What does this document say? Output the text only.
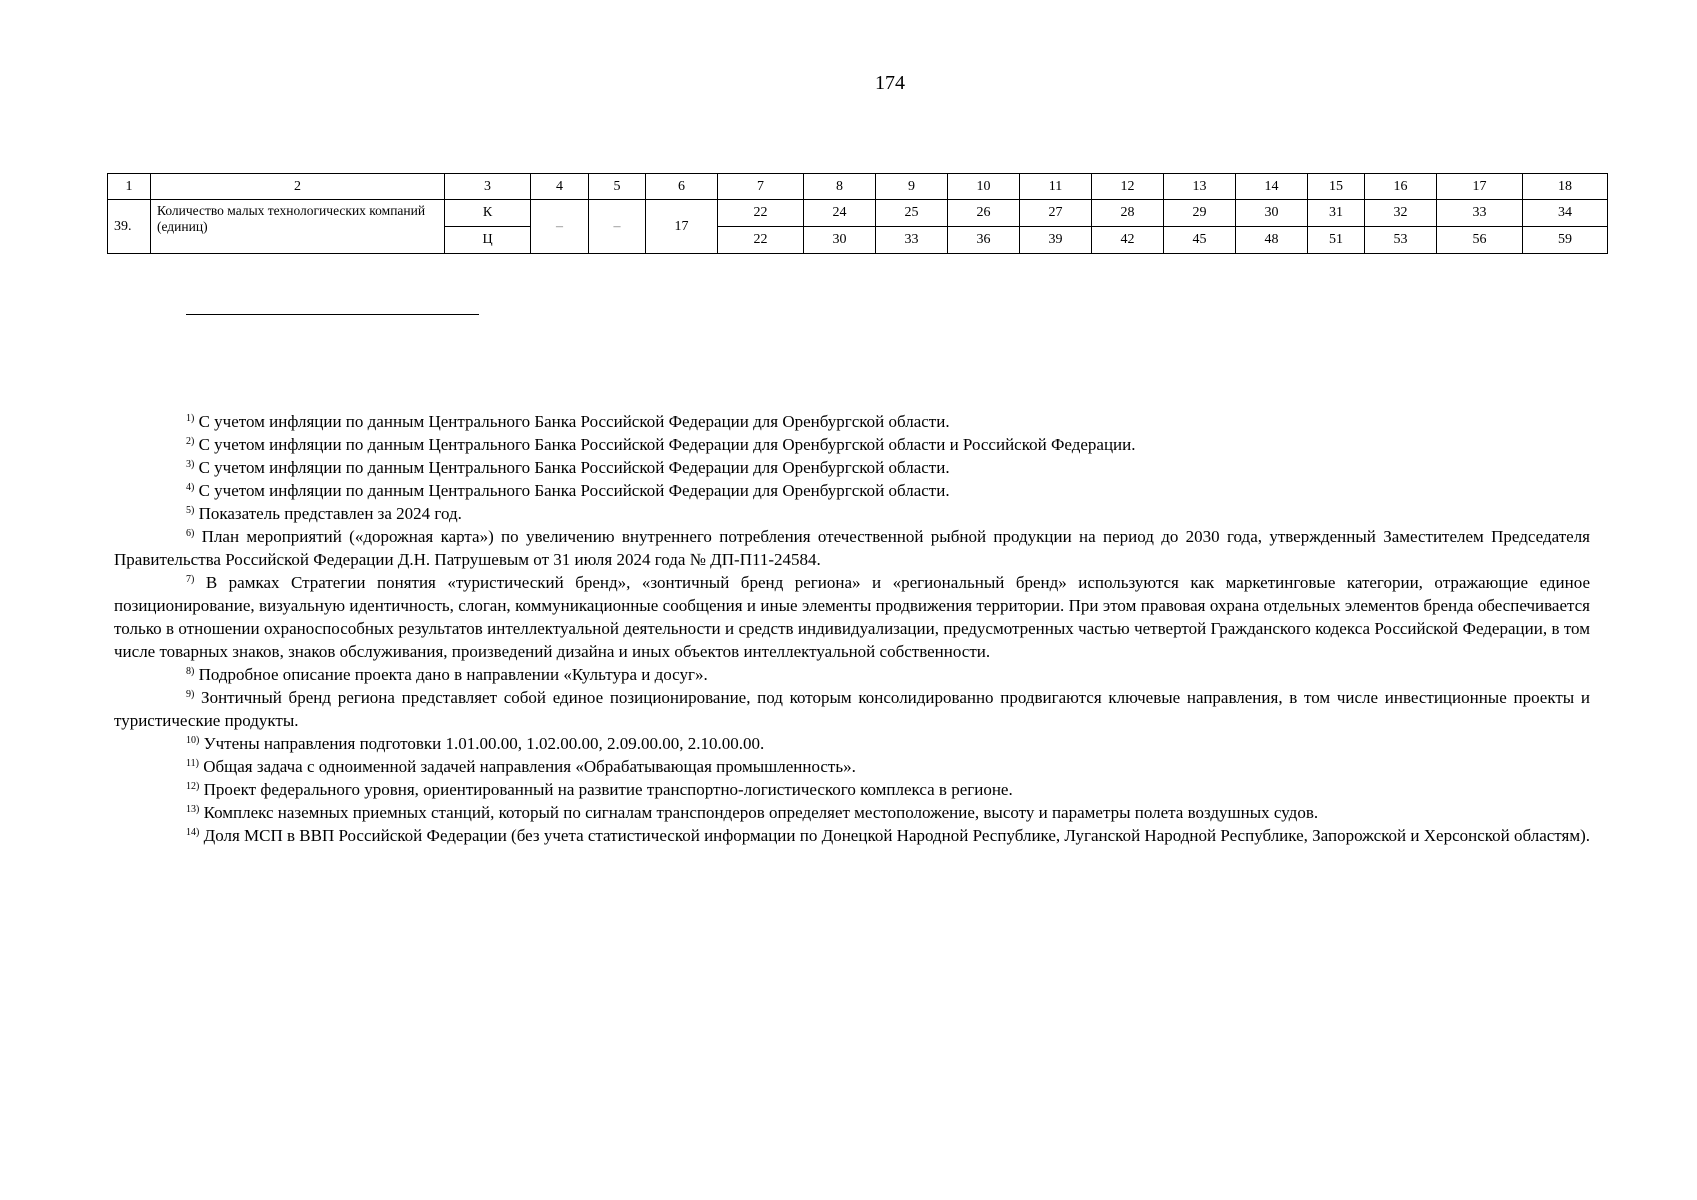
174
1	2	3	4	5	6	7	8	9	10	11	12	13	14	15	16	17	18
39.	Количество малых технологических компаний (единиц)	К	–	–	17	22	24	25	26	27	28	29	30	31	32	33	34
		Ц				22	30	33	36	39	42	45	48	51	53	56	59

$^{1)}$ С учетом инфляции по данным Центрального Банка Российской Федерации для Оренбургской области.

$^{2)}$ С учетом инфляции по данным Центрального Банка Российской Федерации для Оренбургской области и Российской Федерации.

$^{3)}$ С учетом инфляции по данным Центрального Банка Российской Федерации для Оренбургской области.

$^{4)}$ С учетом инфляции по данным Центрального Банка Российской Федерации для Оренбургской области.

$^{5)}$ Показатель представлен за 2024 год.

$^{6)}$ План мероприятий («дорожная карта») по увеличению внутреннего потребления отечественной рыбной продукции на период до 2030 года, утвержденный Заместителем Председателя Правительства Российской Федерации Д.Н. Патрушевым от 31 июля 2024 года № ДП-П11-24584.

$^{7)}$ В рамках Стратегии понятия «туристический бренд», «зонтичный бренд региона» и «региональный бренд» используются как маркетинговые категории, отражающие единое позиционирование, визуальную идентичность, слоган, коммуникационные сообщения и иные элементы продвижения территории. При этом правовая охрана отдельных элементов бренда обеспечивается только в отношении охраноспособных результатов интеллектуальной деятельности и средств индивидуализации, предусмотренных частью четвертой Гражданского кодекса Российской Федерации, в том числе товарных знаков, знаков обслуживания, произведений дизайна и иных объектов интеллектуальной собственности.

$^{8)}$ Подробное описание проекта дано в направлении «Культура и досуг».

$^{9)}$ Зонтичный бренд региона представляет собой единое позиционирование, под которым консолидированно продвигаются ключевые направления, в том числе инвестиционные проекты и туристические продукты.

$^{10)}$ Учтены направления подготовки 1.01.00.00, 1.02.00.00, 2.09.00.00, 2.10.00.00.

$^{11)}$ Общая задача с одноименной задачей направления «Обрабатывающая промышленность».

$^{12)}$ Проект федерального уровня, ориентированный на развитие транспортно-логистического комплекса в регионе.

$^{13)}$ Комплекс наземных приемных станций, который по сигналам транспондеров определяет местоположение, высоту и параметры полета воздушных судов.

$^{14)}$ Доля МСП в ВВП Российской Федерации (без учета статистической информации по Донецкой Народной Республике, Луганской Народной Республике, Запорожской и Херсонской областям).
